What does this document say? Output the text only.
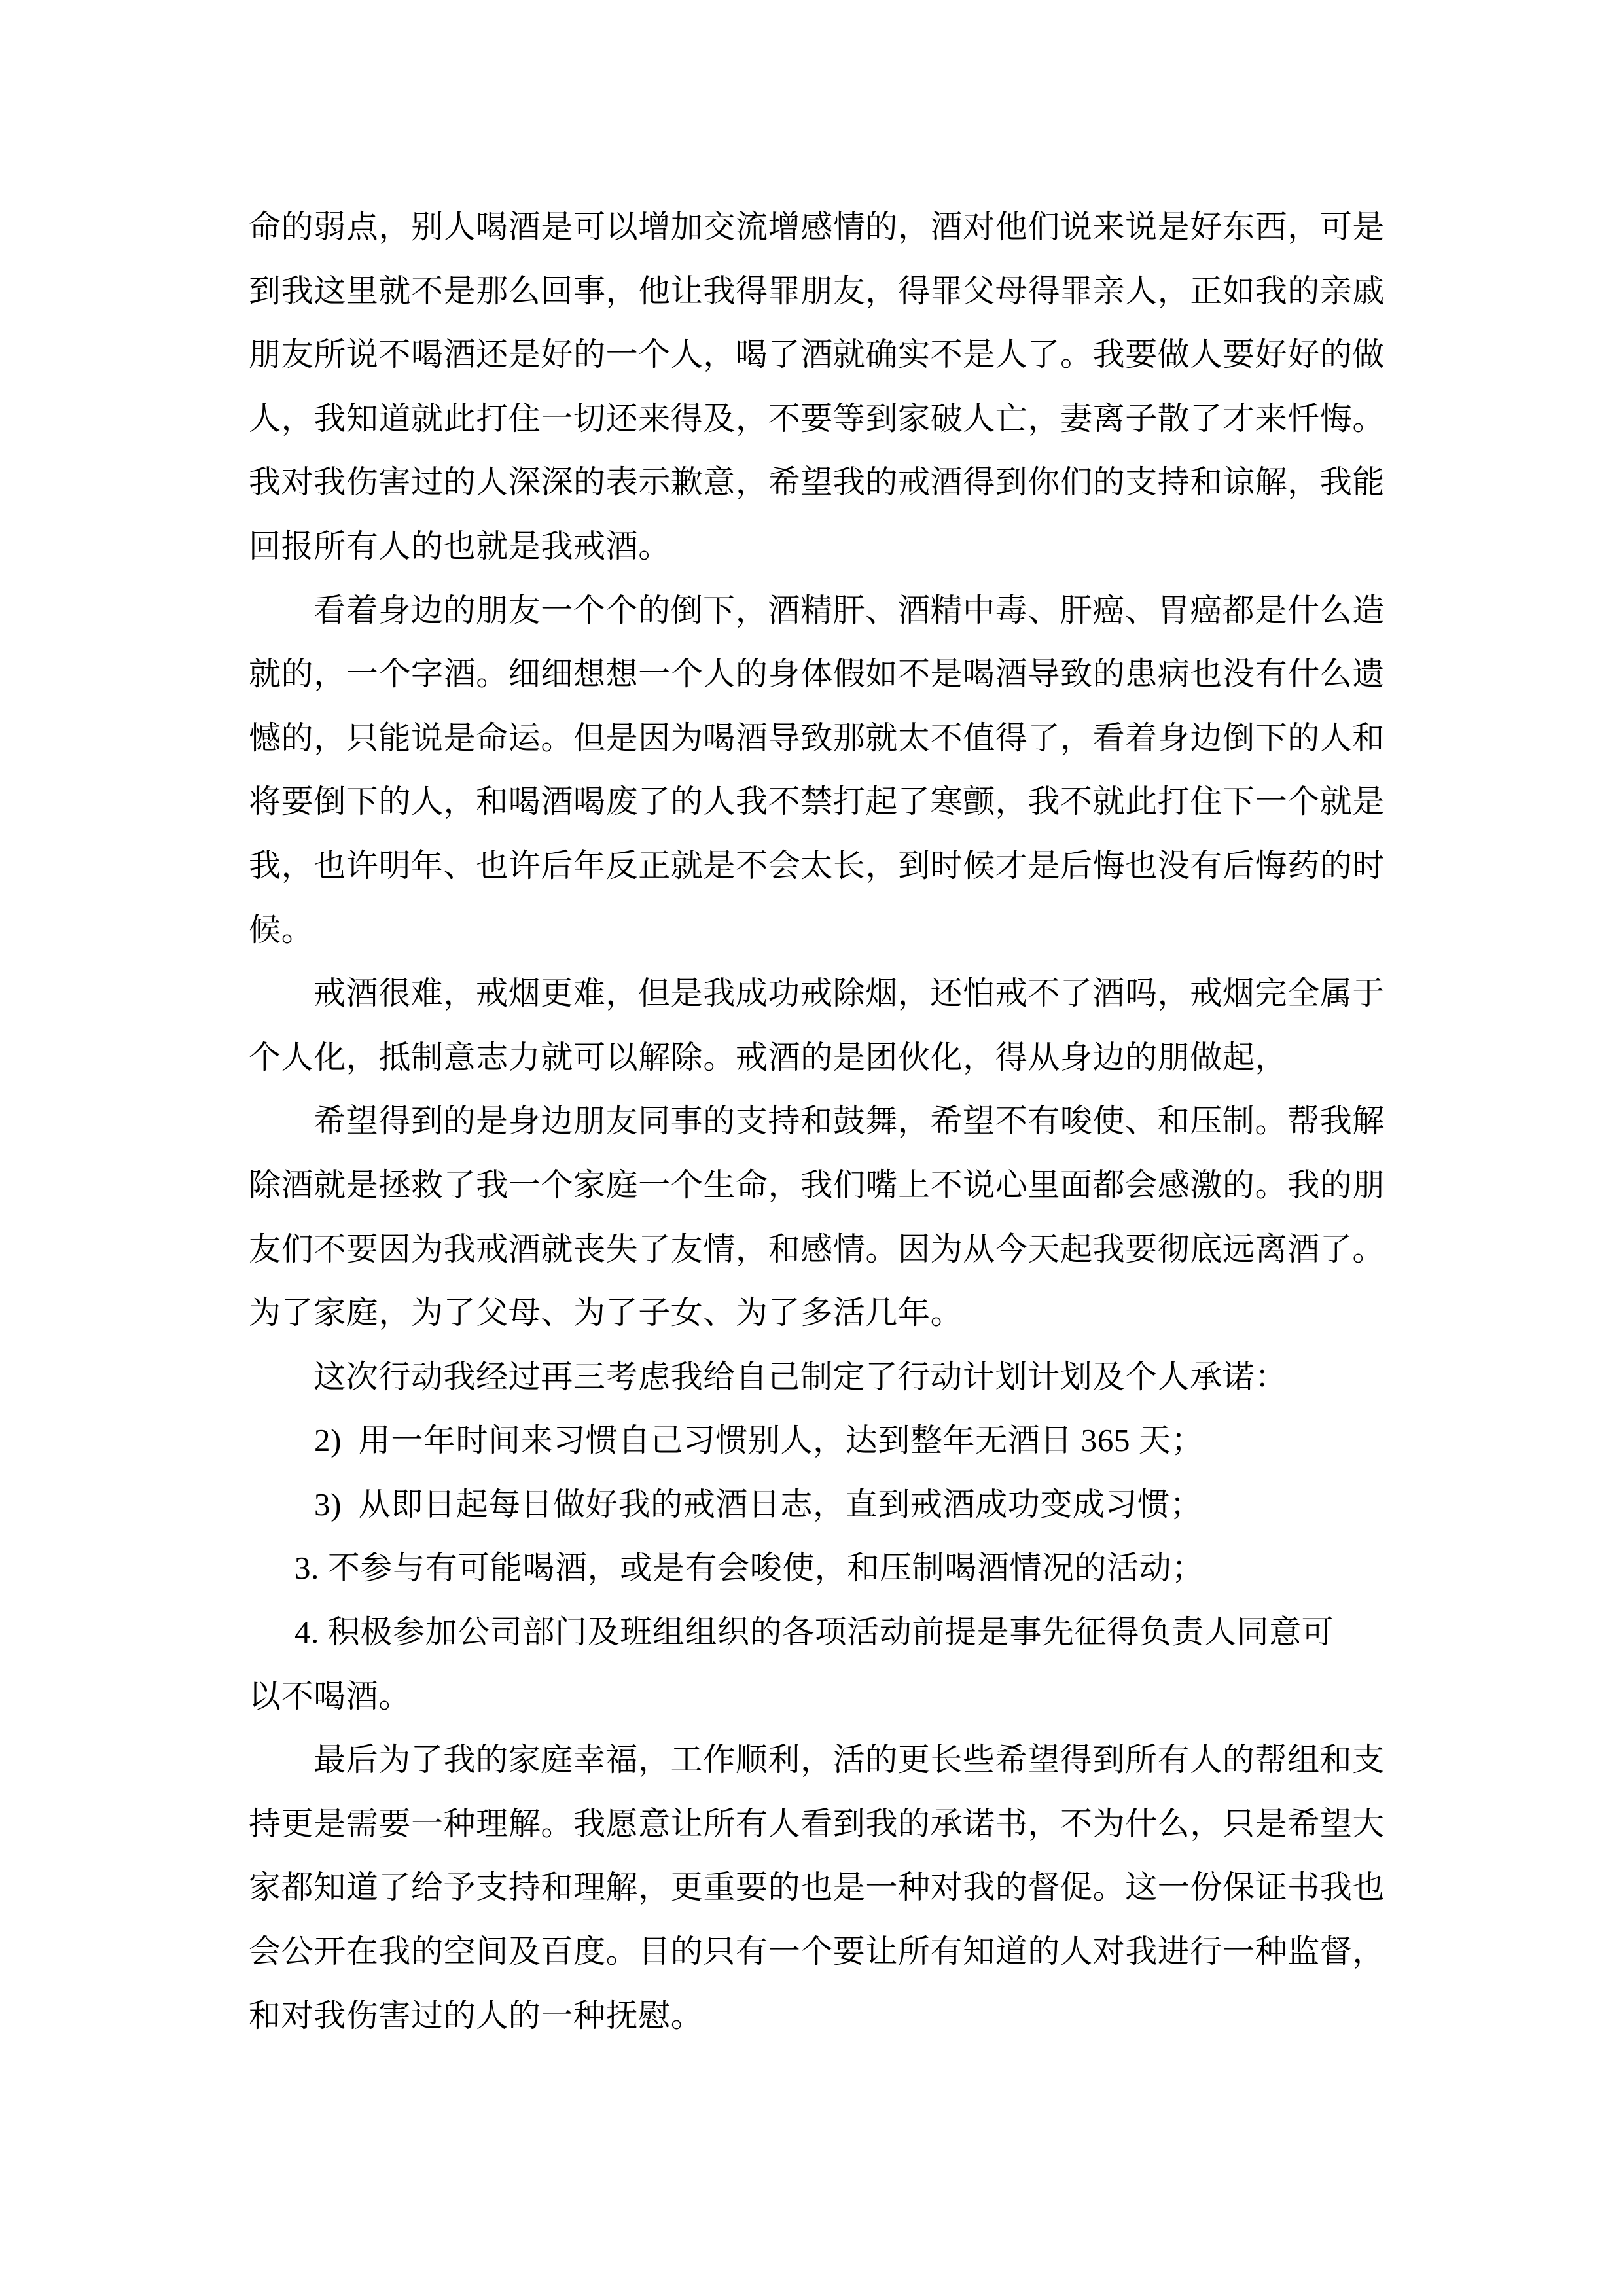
命的弱点，别人喝酒是可以增加交流增感情的，酒对他们说来说是好东西，可是
到我这里就不是那么回事，他让我得罪朋友，得罪父母得罪亲人，正如我的亲戚
朋友所说不喝酒还是好的一个人，喝了酒就确实不是人了。我要做人要好好的做
人，我知道就此打住一切还来得及，不要等到家破人亡，妻离子散了才来忏悔。
我对我伤害过的人深深的表示歉意，希望我的戒酒得到你们的支持和谅解，我能
回报所有人的也就是我戒酒。
看着身边的朋友一个个的倒下，酒精肝、酒精中毒、肝癌、胃癌都是什么造
就的，一个字酒。细细想想一个人的身体假如不是喝酒导致的患病也没有什么遗
憾的，只能说是命运。但是因为喝酒导致那就太不值得了，看着身边倒下的人和
将要倒下的人，和喝酒喝废了的人我不禁打起了寒颤，我不就此打住下一个就是
我，也许明年、也许后年反正就是不会太长，到时候才是后悔也没有后悔药的时
候。
戒酒很难，戒烟更难，但是我成功戒除烟，还怕戒不了酒吗，戒烟完全属于
个人化，抵制意志力就可以解除。戒酒的是团伙化，得从身边的朋做起，
希望得到的是身边朋友同事的支持和鼓舞，希望不有唆使、和压制。帮我解
除酒就是拯救了我一个家庭一个生命，我们嘴上不说心里面都会感激的。我的朋
友们不要因为我戒酒就丧失了友情，和感情。因为从今天起我要彻底远离酒了。
为了家庭，为了父母、为了子女、为了多活几年。
这次行动我经过再三考虑我给自己制定了行动计划计划及个人承诺：
2)  用一年时间来习惯自己习惯别人，达到整年无酒日 365 天；
3)  从即日起每日做好我的戒酒日志，直到戒酒成功变成习惯；
3. 不参与有可能喝酒，或是有会唆使，和压制喝酒情况的活动；
4. 积极参加公司部门及班组组织的各项活动前提是事先征得负责人同意可
以不喝酒。
最后为了我的家庭幸福，工作顺利，活的更长些希望得到所有人的帮组和支
持更是需要一种理解。我愿意让所有人看到我的承诺书，不为什么，只是希望大
家都知道了给予支持和理解，更重要的也是一种对我的督促。这一份保证书我也
会公开在我的空间及百度。目的只有一个要让所有知道的人对我进行一种监督，
和对我伤害过的人的一种抚慰。
